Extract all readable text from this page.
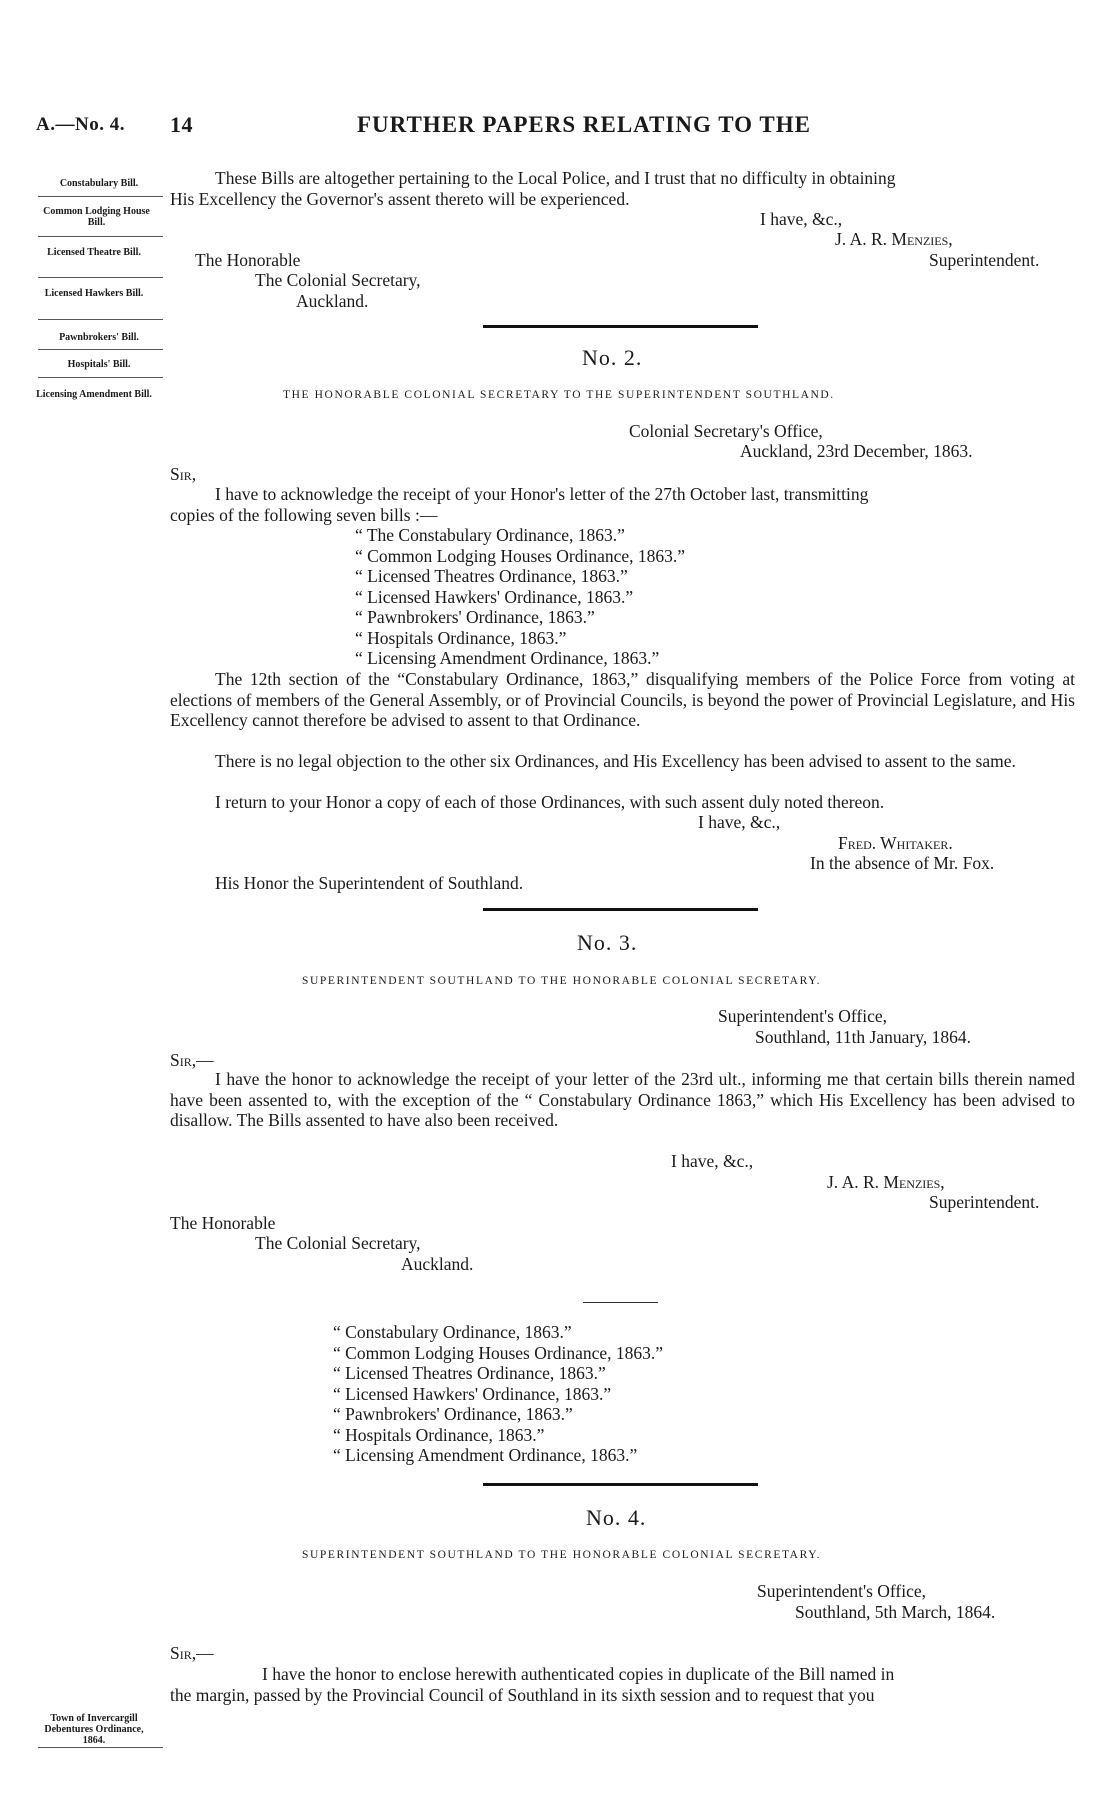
A.—No. 4. 14	FURTHER PAPERS RELATING TO THE
Constabulary Bill.
Common Lodging House Bill.
Licensed Theatre Bill.
Licensed Hawkers Bill.
Pawnbrokers' Bill.
Hospitals' Bill.
Licensing Amendment Bill.
Town of Invercargill Debentures Ordinance, 1864.
These Bills are altogether pertaining to the Local Police, and I trust that no difficulty in obtaining
His Excellency the Governor's assent thereto will be experienced.
I have, &c.,
J. A. R. Menzies,
Superintendent.
The Honorable
The Colonial Secretary,
Auckland.
No. 2.
THE HONORABLE COLONIAL SECRETARY TO THE SUPERINTENDENT SOUTHLAND.
Colonial Secretary's Office,
Auckland, 23rd December, 1863.
Sir,
I have to acknowledge the receipt of your Honor's letter of the 27th October last, transmitting
copies of the following seven bills :—
“ The Constabulary Ordinance, 1863.”
“ Common Lodging Houses Ordinance, 1863.”
“ Licensed Theatres Ordinance, 1863.”
“ Licensed Hawkers' Ordinance, 1863.”
“ Pawnbrokers' Ordinance, 1863.”
“ Hospitals Ordinance, 1863.”
“ Licensing Amendment Ordinance, 1863.”
The 12th section of the “Constabulary Ordinance, 1863,” disqualifying members of the Police Force from voting at elections of members of the General Assembly, or of Provincial Councils, is beyond the power of Provincial Legislature, and His Excellency cannot therefore be advised to assent to that Ordinance.
There is no legal objection to the other six Ordinances, and His Excellency has been advised to assent to the same.
I return to your Honor a copy of each of those Ordinances, with such assent duly noted thereon.
I have, &c.,
Fred. Whitaker.
In the absence of Mr. Fox.
His Honor the Superintendent of Southland.
No. 3.
SUPERINTENDENT SOUTHLAND TO THE HONORABLE COLONIAL SECRETARY.
Superintendent's Office,
Southland, 11th January, 1864.
Sir,—
I have the honor to acknowledge the receipt of your letter of the 23rd ult., informing me that certain bills therein named have been assented to, with the exception of the “ Constabulary Ordinance 1863,” which His Excellency has been advised to disallow. The Bills assented to have also been received.
I have, &c.,
J. A. R. Menzies,
Superintendent.
The Honorable
The Colonial Secretary,
Auckland.
“ Constabulary Ordinance, 1863.”
“ Common Lodging Houses Ordinance, 1863.”
“ Licensed Theatres Ordinance, 1863.”
“ Licensed Hawkers' Ordinance, 1863.”
“ Pawnbrokers' Ordinance, 1863.”
“ Hospitals Ordinance, 1863.”
“ Licensing Amendment Ordinance, 1863.”
No. 4.
SUPERINTENDENT SOUTHLAND TO THE HONORABLE COLONIAL SECRETARY.
Superintendent's Office,
Southland, 5th March, 1864.
Sir,—
I have the honor to enclose herewith authenticated copies in duplicate of the Bill named in
the margin, passed by the Provincial Council of Southland in its sixth session and to request that you
